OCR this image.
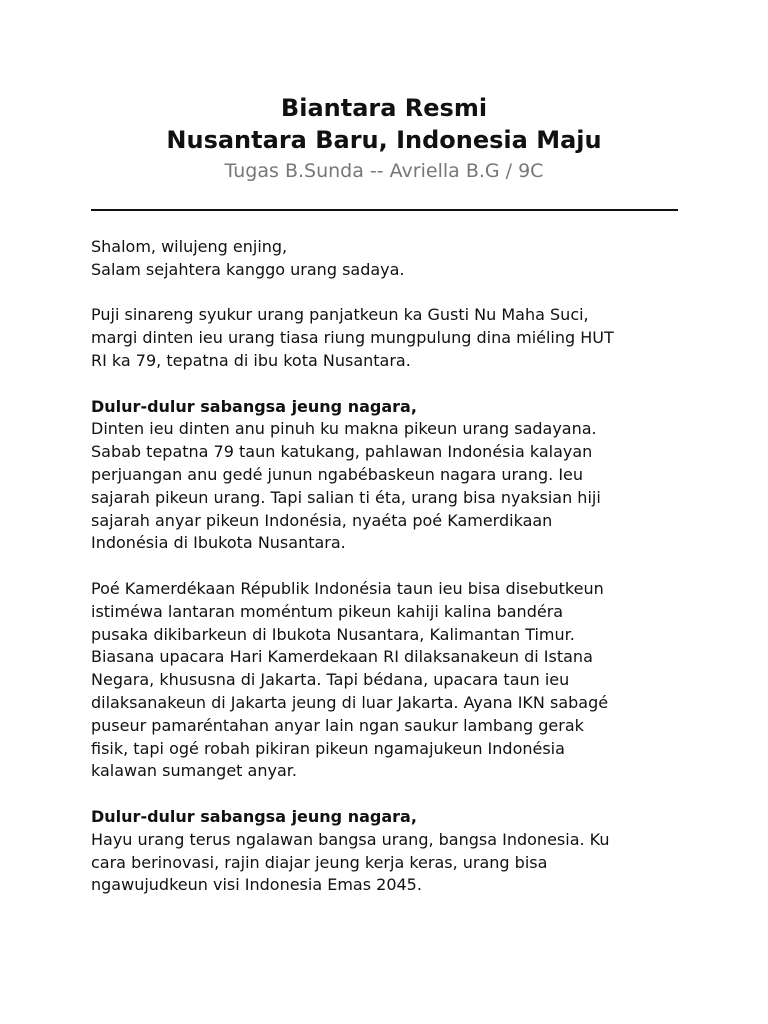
Biantara Resmi
Nusantara Baru, Indonesia Maju
Tugas B.Sunda -- Avriella B.G / 9C
Shalom, wilujeng enjing,
Salam sejahtera kanggo urang sadaya.
Puji sinareng syukur urang panjatkeun ka Gusti Nu Maha Suci,
margi dinten ieu urang tiasa riung mungpulung dina miéling HUT
RI ka 79, tepatna di ibu kota Nusantara.
Dulur-dulur sabangsa jeung nagara,
Dinten ieu dinten anu pinuh ku makna pikeun urang sadayana.
Sabab tepatna 79 taun katukang, pahlawan Indonésia kalayan
perjuangan anu gedé junun ngabébaskeun nagara urang. Ieu
sajarah pikeun urang. Tapi salian ti éta, urang bisa nyaksian hiji
sajarah anyar pikeun Indonésia, nyaéta poé Kamerdikaan
Indonésia di Ibukota Nusantara.
Poé Kamerdékaan Républik Indonésia taun ieu bisa disebutkeun
istiméwa lantaran moméntum pikeun kahiji kalina bandéra
pusaka dikibarkeun di Ibukota Nusantara, Kalimantan Timur.
Biasana upacara Hari Kamerdekaan RI dilaksanakeun di Istana
Negara, khususna di Jakarta. Tapi bédana, upacara taun ieu
dilaksanakeun di Jakarta jeung di luar Jakarta. Ayana IKN sabagé
puseur pamaréntahan anyar lain ngan saukur lambang gerak
fisik, tapi ogé robah pikiran pikeun ngamajukeun Indonésia
kalawan sumanget anyar.
Dulur-dulur sabangsa jeung nagara,
Hayu urang terus ngalawan bangsa urang, bangsa Indonesia. Ku
cara berinovasi, rajin diajar jeung kerja keras, urang bisa
ngawujudkeun visi Indonesia Emas 2045.
